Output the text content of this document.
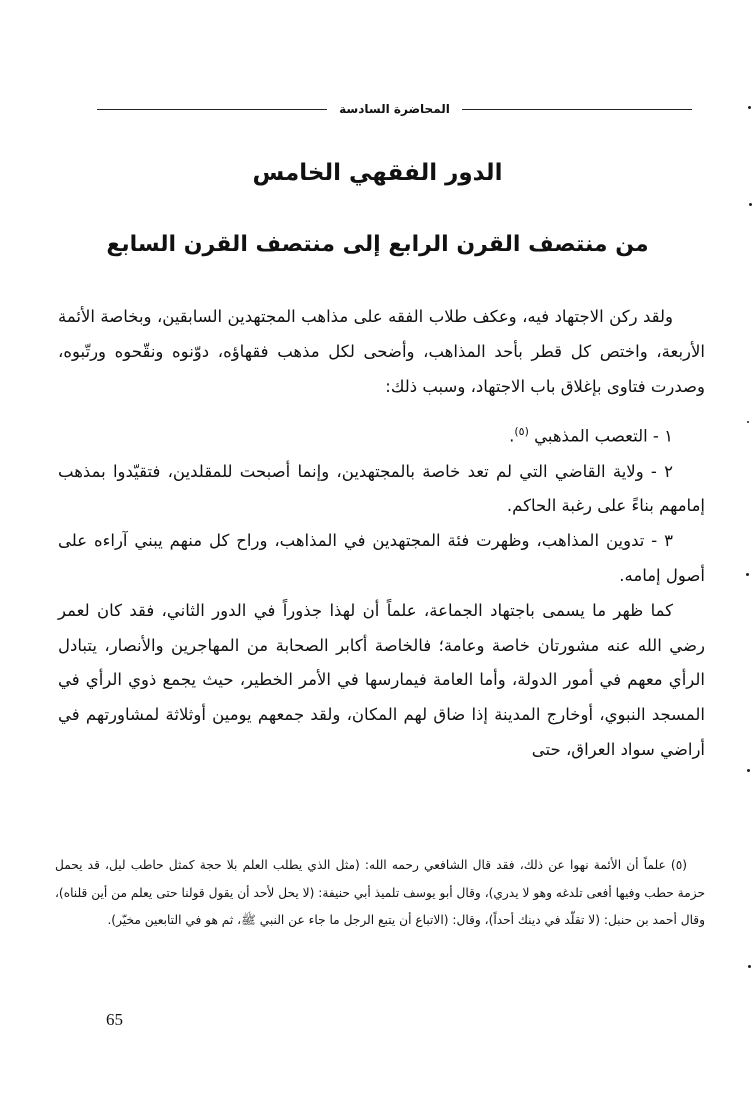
المحاضرة السادسة
الدور الفقهي الخامس
من منتصف القرن الرابع إلى منتصف القرن السابع

ولقد ركن الاجتهاد فيه، وعكف طلاب الفقه على مذاهب المجتهدين السابقين، وبخاصة الأئمة الأربعة، واختص كل قطر بأحد المذاهب، وأضحى لكل مذهب فقهاؤه، دوّنوه ونقّحوه ورتّبوه، وصدرت فتاوى بإغلاق باب الاجتهاد، وسبب ذلك:

١ - التعصب المذهبي $^{(٥)}$.

٢ - ولاية القاضي التي لم تعد خاصة بالمجتهدين، وإنما أصبحت للمقلدين، فتقيّدوا بمذهب إمامهم بناءً على رغبة الحاكم.

٣ - تدوين المذاهب، وظهرت فئة المجتهدين في المذاهب، وراح كل منهم يبني آراءه على أصول إمامه.

كما ظهر ما يسمى باجتهاد الجماعة، علماً أن لهذا جذوراً في الدور الثاني، فقد كان لعمر رضي الله عنه مشورتان خاصة وعامة؛ فالخاصة أكابر الصحابة من المهاجرين والأنصار، يتبادل الرأي معهم في أمور الدولة، وأما العامة فيمارسها في الأمر الخطير، حيث يجمع ذوي الرأي في المسجد النبوي، أوخارج المدينة إذا ضاق لهم المكان، ولقد جمعهم يومين أوثلاثة لمشاورتهم في أراضي سواد العراق، حتى

(٥) علماً أن الأئمة نهوا عن ذلك، فقد قال الشافعي رحمه الله: (مثل الذي يطلب العلم بلا حجة كمثل حاطب ليل، قد يحمل حزمة حطب وفيها أفعى تلدغه وهو لا يدري)، وقال أبو يوسف تلميذ أبي حنيفة: (لا يحل لأحد أن يقول قولنا حتى يعلم من أين قلناه)، وقال أحمد بن حنبل: (لا تقلّد في دينك أحداً)، وقال: (الاتباع أن يتبع الرجل ما جاء عن النبي ﷺ، ثم هو في التابعين مخيّر).

65
